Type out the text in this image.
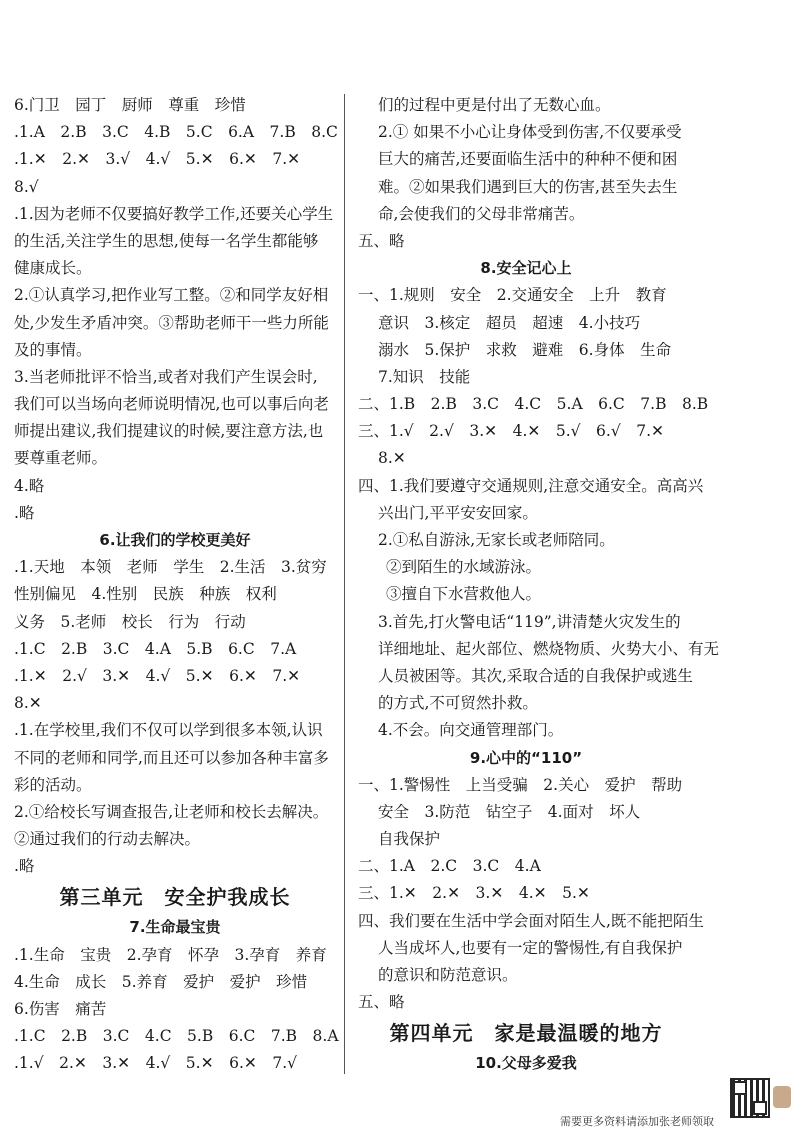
6.门卫　园丁　厨师　尊重　珍惜
.1.A　2.B　3.C　4.B　5.C　6.A　7.B　8.C
.1.✕　2.✕　3.√　4.√　5.✕　6.✕　7.✕
8.√
.1.因为老师不仅要搞好教学工作,还要关心学生
的生活,关注学生的思想,使每一名学生都能够
健康成长。
2.①认真学习,把作业写工整。②和同学友好相
处,少发生矛盾冲突。③帮助老师干一些力所能
及的事情。
3.当老师批评不恰当,或者对我们产生误会时,
我们可以当场向老师说明情况,也可以事后向老
师提出建议,我们提建议的时候,要注意方法,也
要尊重老师。
4.略
.略
6.让我们的学校更美好
.1.天地　本领　老师　学生　2.生活　3.贫穷
性别偏见　4.性别　民族　种族　权利
义务　5.老师　校长　行为　行动
.1.C　2.B　3.C　4.A　5.B　6.C　7.A
.1.✕　2.√　3.✕　4.√　5.✕　6.✕　7.✕
8.✕
.1.在学校里,我们不仅可以学到很多本领,认识
不同的老师和同学,而且还可以参加各种丰富多
彩的活动。
2.①给校长写调查报告,让老师和校长去解决。
②通过我们的行动去解决。
.略
第三单元　安全护我成长
7.生命最宝贵
.1.生命　宝贵　2.孕育　怀孕　3.孕育　养育
4.生命　成长　5.养育　爱护　爱护　珍惜
6.伤害　痛苦
.1.C　2.B　3.C　4.C　5.B　6.C　7.B　8.A
.1.√　2.✕　3.✕　4.√　5.✕　6.✕　7.√
们的过程中更是付出了无数心血。
2.① 如果不小心让身体受到伤害,不仅要承受
巨大的痛苦,还要面临生活中的种种不便和困
难。②如果我们遇到巨大的伤害,甚至失去生
命,会使我们的父母非常痛苦。
五、略
8.安全记心上
一、1.规则　安全　2.交通安全　上升　教育
意识　3.核定　超员　超速　4.小技巧
溺水　5.保护　求救　避难　6.身体　生命
7.知识　技能
二、1.B　2.B　3.C　4.C　5.A　6.C　7.B　8.B
三、1.√　2.√　3.✕　4.✕　5.√　6.√　7.✕
8.✕
四、1.我们要遵守交通规则,注意交通安全。高高兴
兴出门,平平安安回家。
2.①私自游泳,无家长或老师陪同。
②到陌生的水域游泳。
③擅自下水营救他人。
3.首先,打火警电话“119”,讲清楚火灾发生的
详细地址、起火部位、燃烧物质、火势大小、有无
人员被困等。其次,采取合适的自我保护或逃生
的方式,不可贸然扑救。
4.不会。向交通管理部门。
9.心中的“110”
一、1.警惕性　上当受骗　2.关心　爱护　帮助
安全　3.防范　钻空子　4.面对　坏人
自我保护
二、1.A　2.C　3.C　4.A
三、1.✕　2.✕　3.✕　4.✕　5.✕
四、我们要在生活中学会面对陌生人,既不能把陌生
人当成坏人,也要有一定的警惕性,有自我保护
的意识和防范意识。
五、略
第四单元　家是最温暖的地方
10.父母多爱我
需要更多资料请添加张老师领取
